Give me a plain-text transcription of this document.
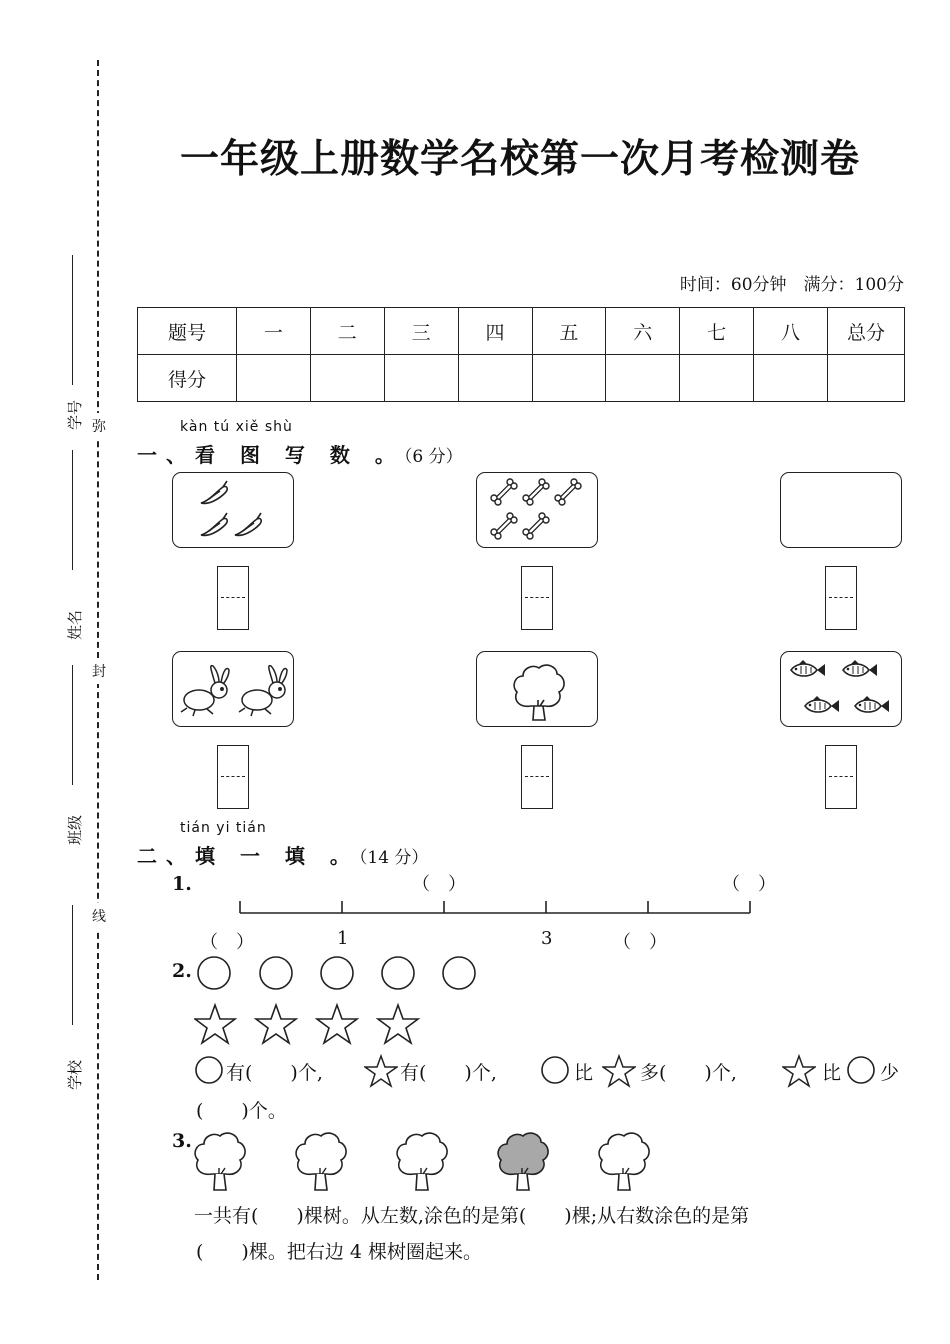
学号
姓名
班级
学校
弥
封
线
一年级上册数学名校第一次月考检测卷
时间：60分钟　满分：100分
题号	一	二	三	四	五	六	七	八	总分
得分									
kàn tú xiě shù
一、看 图 写 数 。（6 分）
tián yi tián
二、填 一 填 。（14 分）
1.	（　）	（　）
（　）	1	3	（　）
2.
有(　　)个,	有(　　)个,	比 多(　　)个,	比 少
(　　)个。
3.
一共有(　　)棵树。从左数,涂色的是第(　　)棵;从右数涂色的是第
(　　)棵。把右边 4 棵树圈起来。
